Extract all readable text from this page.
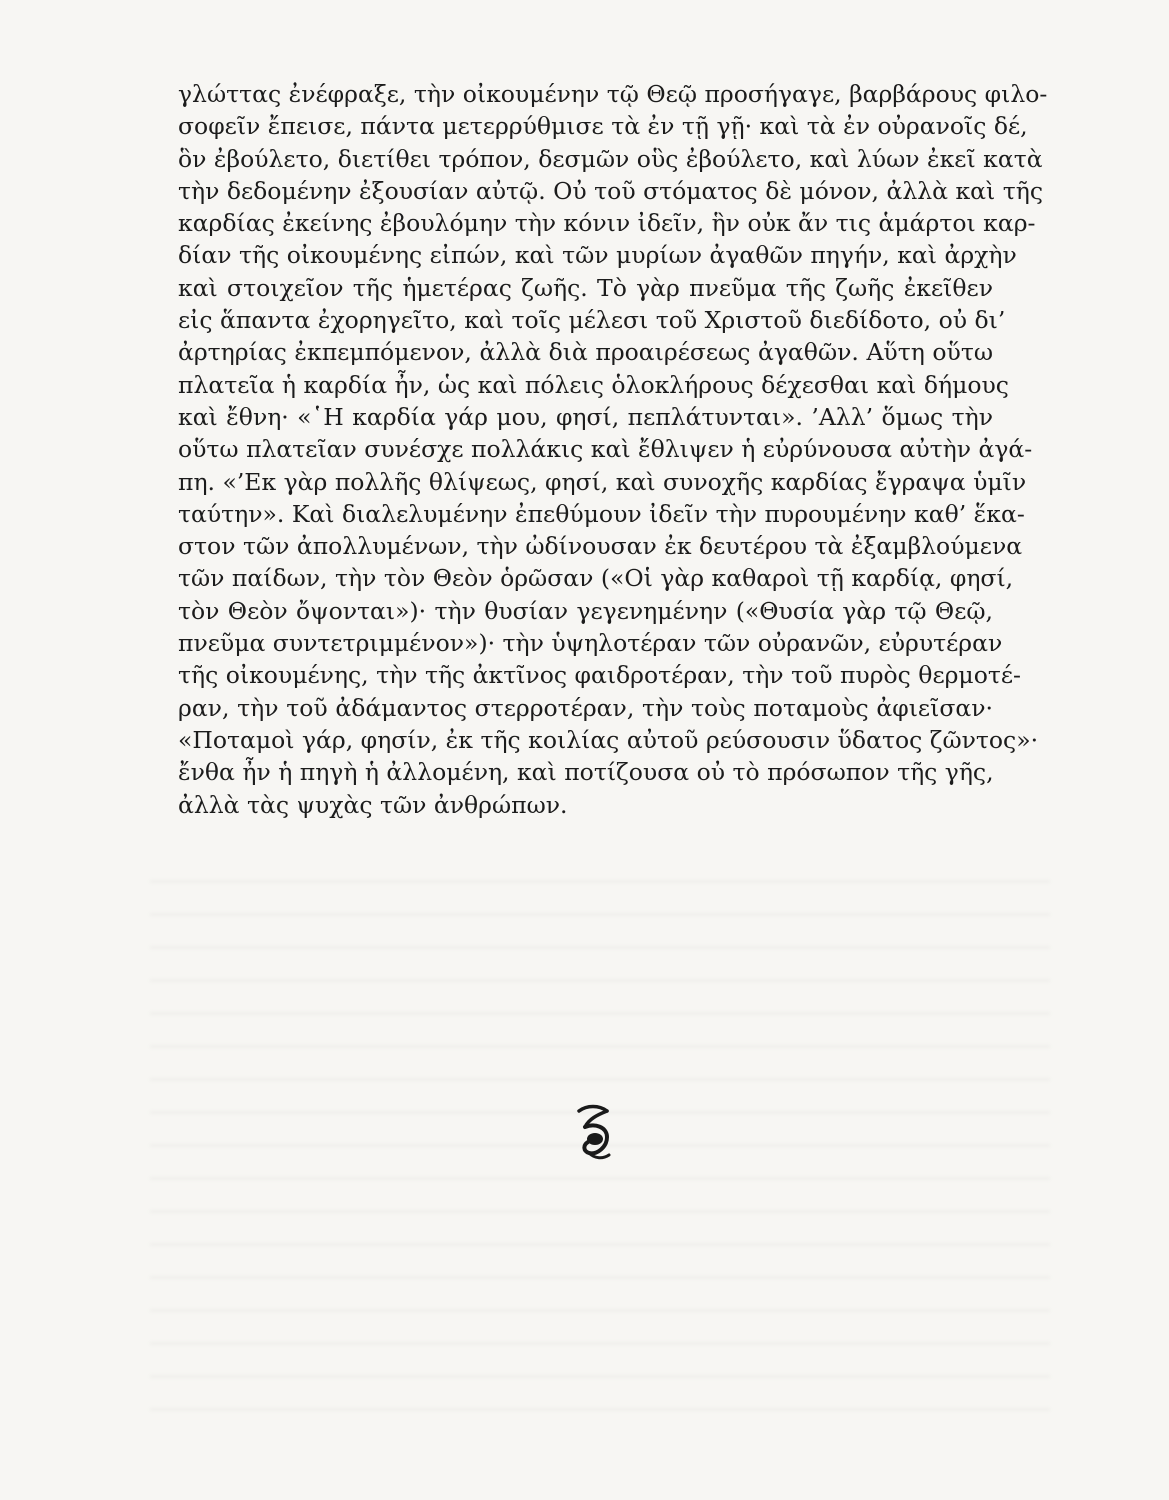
γλώττας ἐνέφραξε, τὴν οἰκουμένην τῷ Θεῷ προσήγαγε, βαρβάρους φιλο-
σοφεῖν ἔπεισε, πάντα μετερρύθμισε τὰ ἐν τῇ γῇ· καὶ τὰ ἐν οὐρανοῖς δέ,
ὃν ἐβούλετο, διετίθει τρόπον, δεσμῶν οὓς ἐβούλετο, καὶ λύων ἐκεῖ κατὰ
τὴν δεδομένην ἐξουσίαν αὐτῷ. Οὐ τοῦ στόματος δὲ μόνον, ἀλλὰ καὶ τῆς
καρδίας ἐκείνης ἐβουλόμην τὴν κόνιν ἰδεῖν, ἣν οὐκ ἄν τις ἁμάρτοι καρ-
δίαν τῆς οἰκουμένης εἰπών, καὶ τῶν μυρίων ἀγαθῶν πηγήν, καὶ ἀρχὴν
καὶ στοιχεῖον τῆς ἡμετέρας ζωῆς. Τὸ γὰρ πνεῦμα τῆς ζωῆς ἐκεῖθεν
εἰς ἅπαντα ἐχορηγεῖτο, καὶ τοῖς μέλεσι τοῦ Χριστοῦ διεδίδοτο, οὐ δι’
ἀρτηρίας ἐκπεμπόμενον, ἀλλὰ διὰ προαιρέσεως ἀγαθῶν. Αὕτη οὕτω
πλατεῖα ἡ καρδία ἦν, ὡς καὶ πόλεις ὁλοκλήρους δέχεσθαι καὶ δήμους
καὶ ἔθνη· «῾Η καρδία γάρ μου, φησί, πεπλάτυνται». ’Αλλ’ ὅμως τὴν
οὕτω πλατεῖαν συνέσχε πολλάκις καὶ ἔθλιψεν ἡ εὐρύνουσα αὐτὴν ἀγά-
πη. «’Εκ γὰρ πολλῆς θλίψεως, φησί, καὶ συνοχῆς καρδίας ἔγραψα ὑμῖν
ταύτην». Καὶ διαλελυμένην ἐπεθύμουν ἰδεῖν τὴν πυρουμένην καθ’ ἕκα-
στον τῶν ἀπολλυμένων, τὴν ὠδίνουσαν ἐκ δευτέρου τὰ ἐξαμβλούμενα
τῶν παίδων, τὴν τὸν Θεὸν ὁρῶσαν («Οἱ γὰρ καθαροὶ τῇ καρδίᾳ, φησί,
τὸν Θεὸν ὄψονται»)· τὴν θυσίαν γεγενημένην («Θυσία γὰρ τῷ Θεῷ,
πνεῦμα συντετριμμένον»)· τὴν ὑψηλοτέραν τῶν οὐρανῶν, εὐρυτέραν
τῆς οἰκουμένης, τὴν τῆς ἀκτῖνος φαιδροτέραν, τὴν τοῦ πυρὸς θερμοτέ-
ραν, τὴν τοῦ ἀδάμαντος στερροτέραν, τὴν τοὺς ποταμοὺς ἀφιεῖσαν·
«Ποταμοὶ γάρ, φησίν, ἐκ τῆς κοιλίας αὐτοῦ ρεύσουσιν ὕδατος ζῶντος»·
ἔνθα ἦν ἡ πηγὴ ἡ ἀλλομένη, καὶ ποτίζουσα οὐ τὸ πρόσωπον τῆς γῆς,
ἀλλὰ τὰς ψυχὰς τῶν ἀνθρώπων.
